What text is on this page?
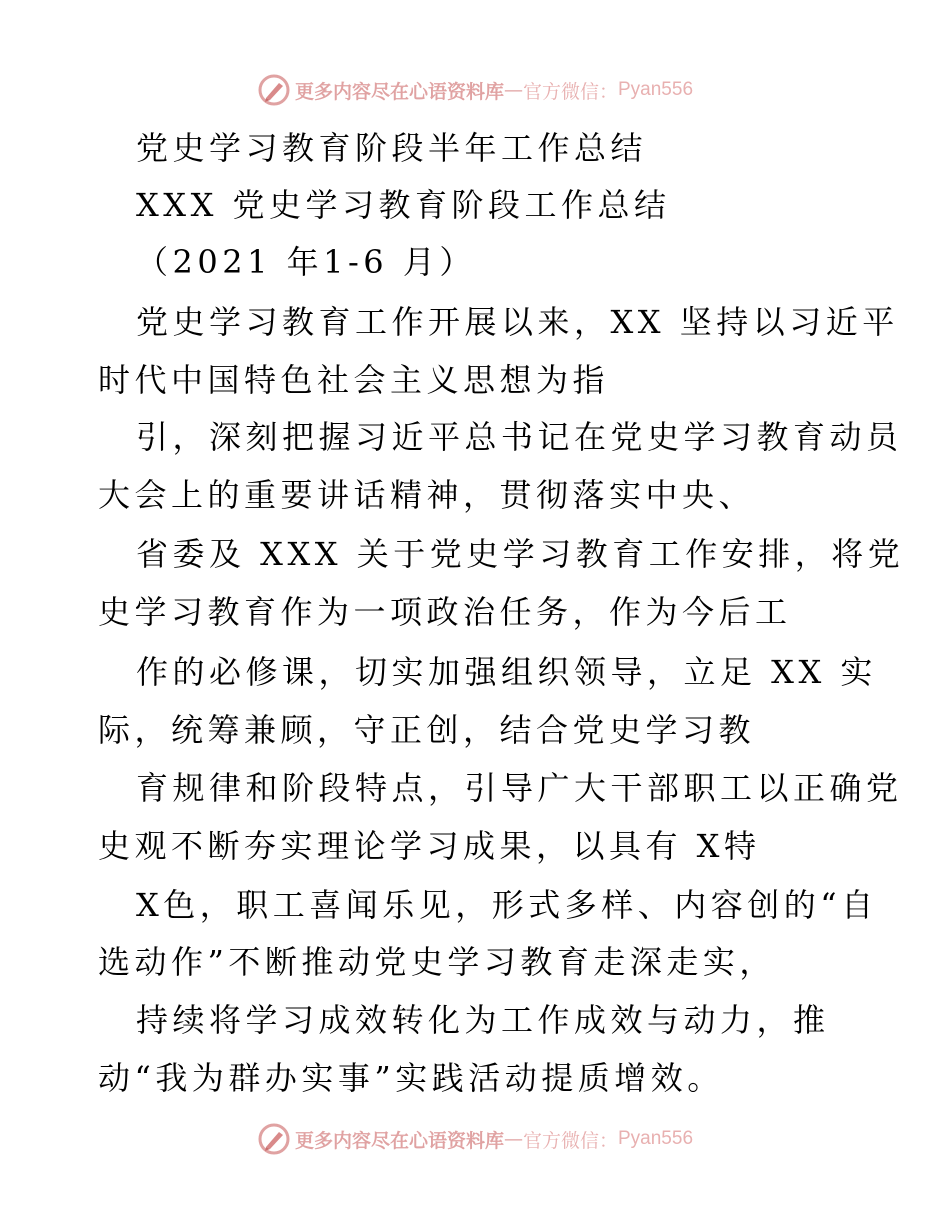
更多内容尽在心语资料库 — 官方微信： Pyan556
党史学习教育阶段半年工作总结
XXX 党史学习教育阶段工作总结
（2021 年1-6 月）
党史学习教育工作开展以来，XX 坚持以习近平
时代中国特色社会主义思想为指
引，深刻把握习近平总书记在党史学习教育动员
大会上的重要讲话精神，贯彻落实中央、
省委及 XXX 关于党史学习教育工作安排，将党
史学习教育作为一项政治任务，作为今后工
作的必修课，切实加强组织领导，立足 XX 实
际，统筹兼顾，守正创，结合党史学习教
育规律和阶段特点，引导广大干部职工以正确党
史观不断夯实理论学习成果，以具有 X特
X色，职工喜闻乐见，形式多样、内容创的“自
选动作”不断推动党史学习教育走深走实，
持续将学习成效转化为工作成效与动力，推
动“我为群办实事”实践活动提质增效。
更多内容尽在心语资料库 — 官方微信： Pyan556
